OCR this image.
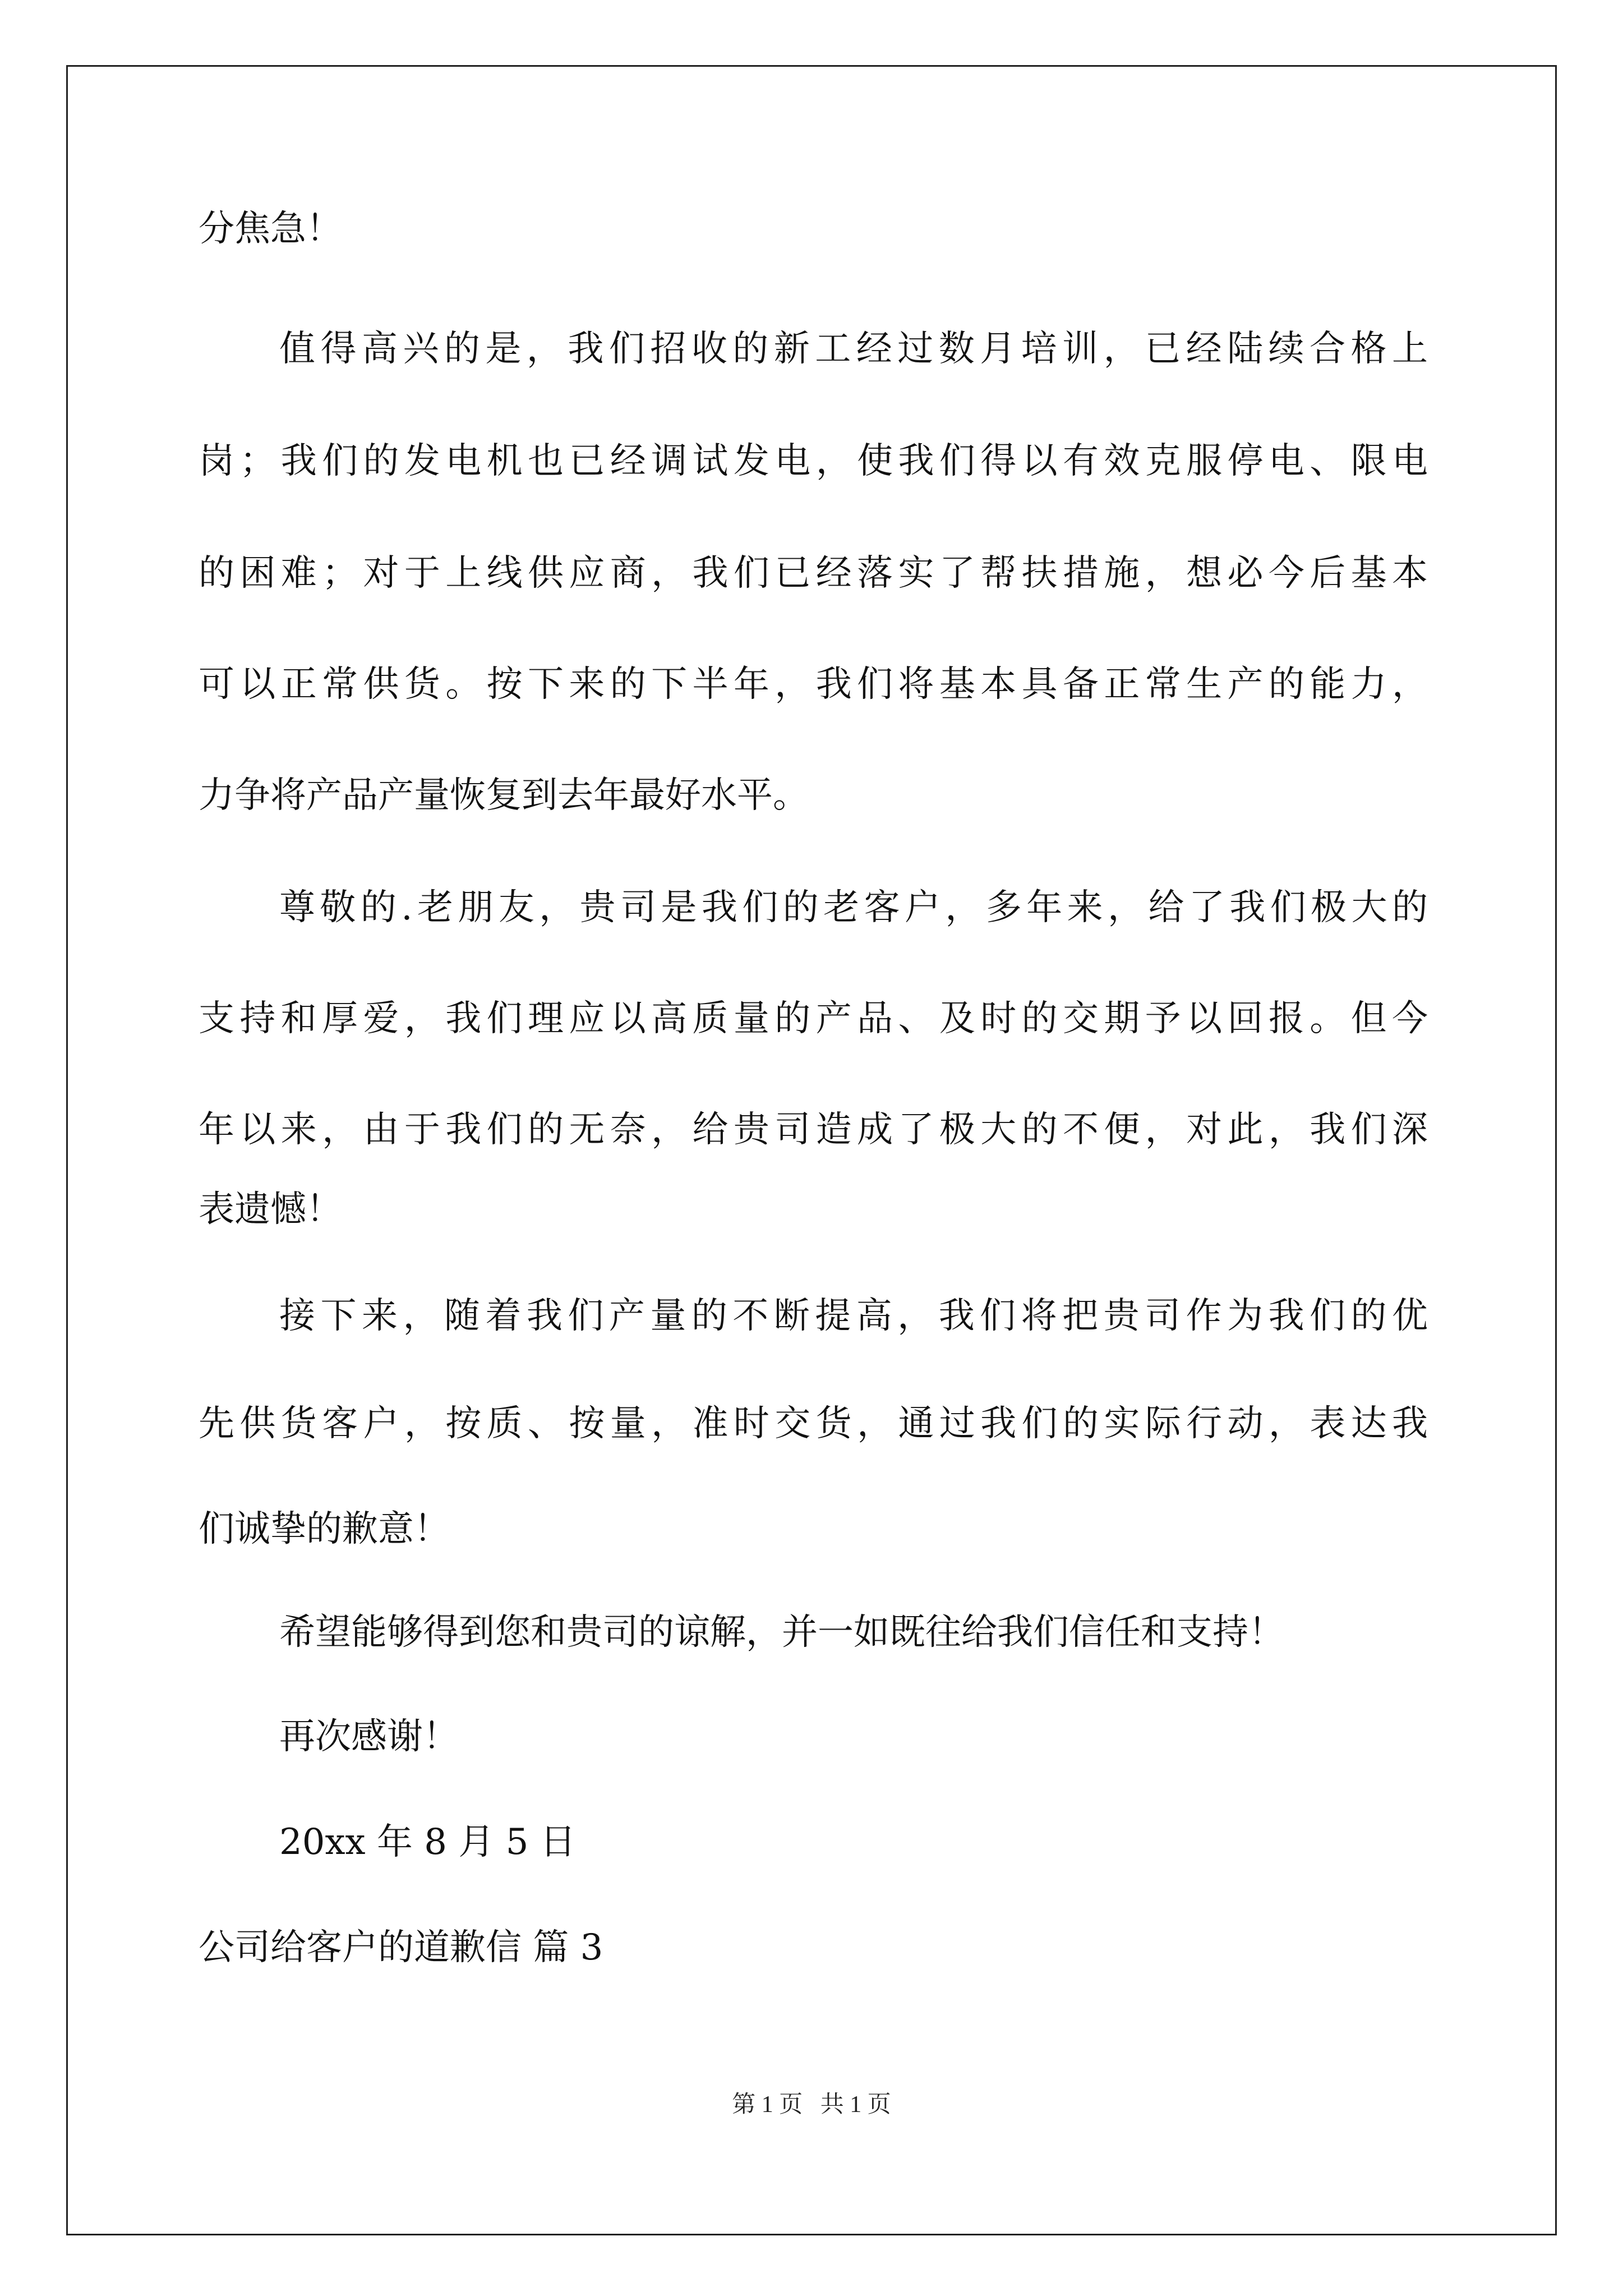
分焦急！
值得高兴的是，我们招收的新工经过数月培训，已经陆续合格上
岗；我们的发电机也已经调试发电，使我们得以有效克服停电、限电
的困难；对于上线供应商，我们已经落实了帮扶措施，想必今后基本
可以正常供货。按下来的下半年，我们将基本具备正常生产的能力，
力争将产品产量恢复到去年最好水平。
尊敬的.老朋友，贵司是我们的老客户，多年来，给了我们极大的
支持和厚爱，我们理应以高质量的产品、及时的交期予以回报。但今
年以来，由于我们的无奈，给贵司造成了极大的不便，对此，我们深
表遗憾！
接下来，随着我们产量的不断提高，我们将把贵司作为我们的优
先供货客户，按质、按量，准时交货，通过我们的实际行动，表达我
们诚挚的歉意！
希望能够得到您和贵司的谅解，并一如既往给我们信任和支持！
再次感谢！
20xx 年 8 月 5 日
公司给客户的道歉信 篇 3
第 1 页   共 1 页
